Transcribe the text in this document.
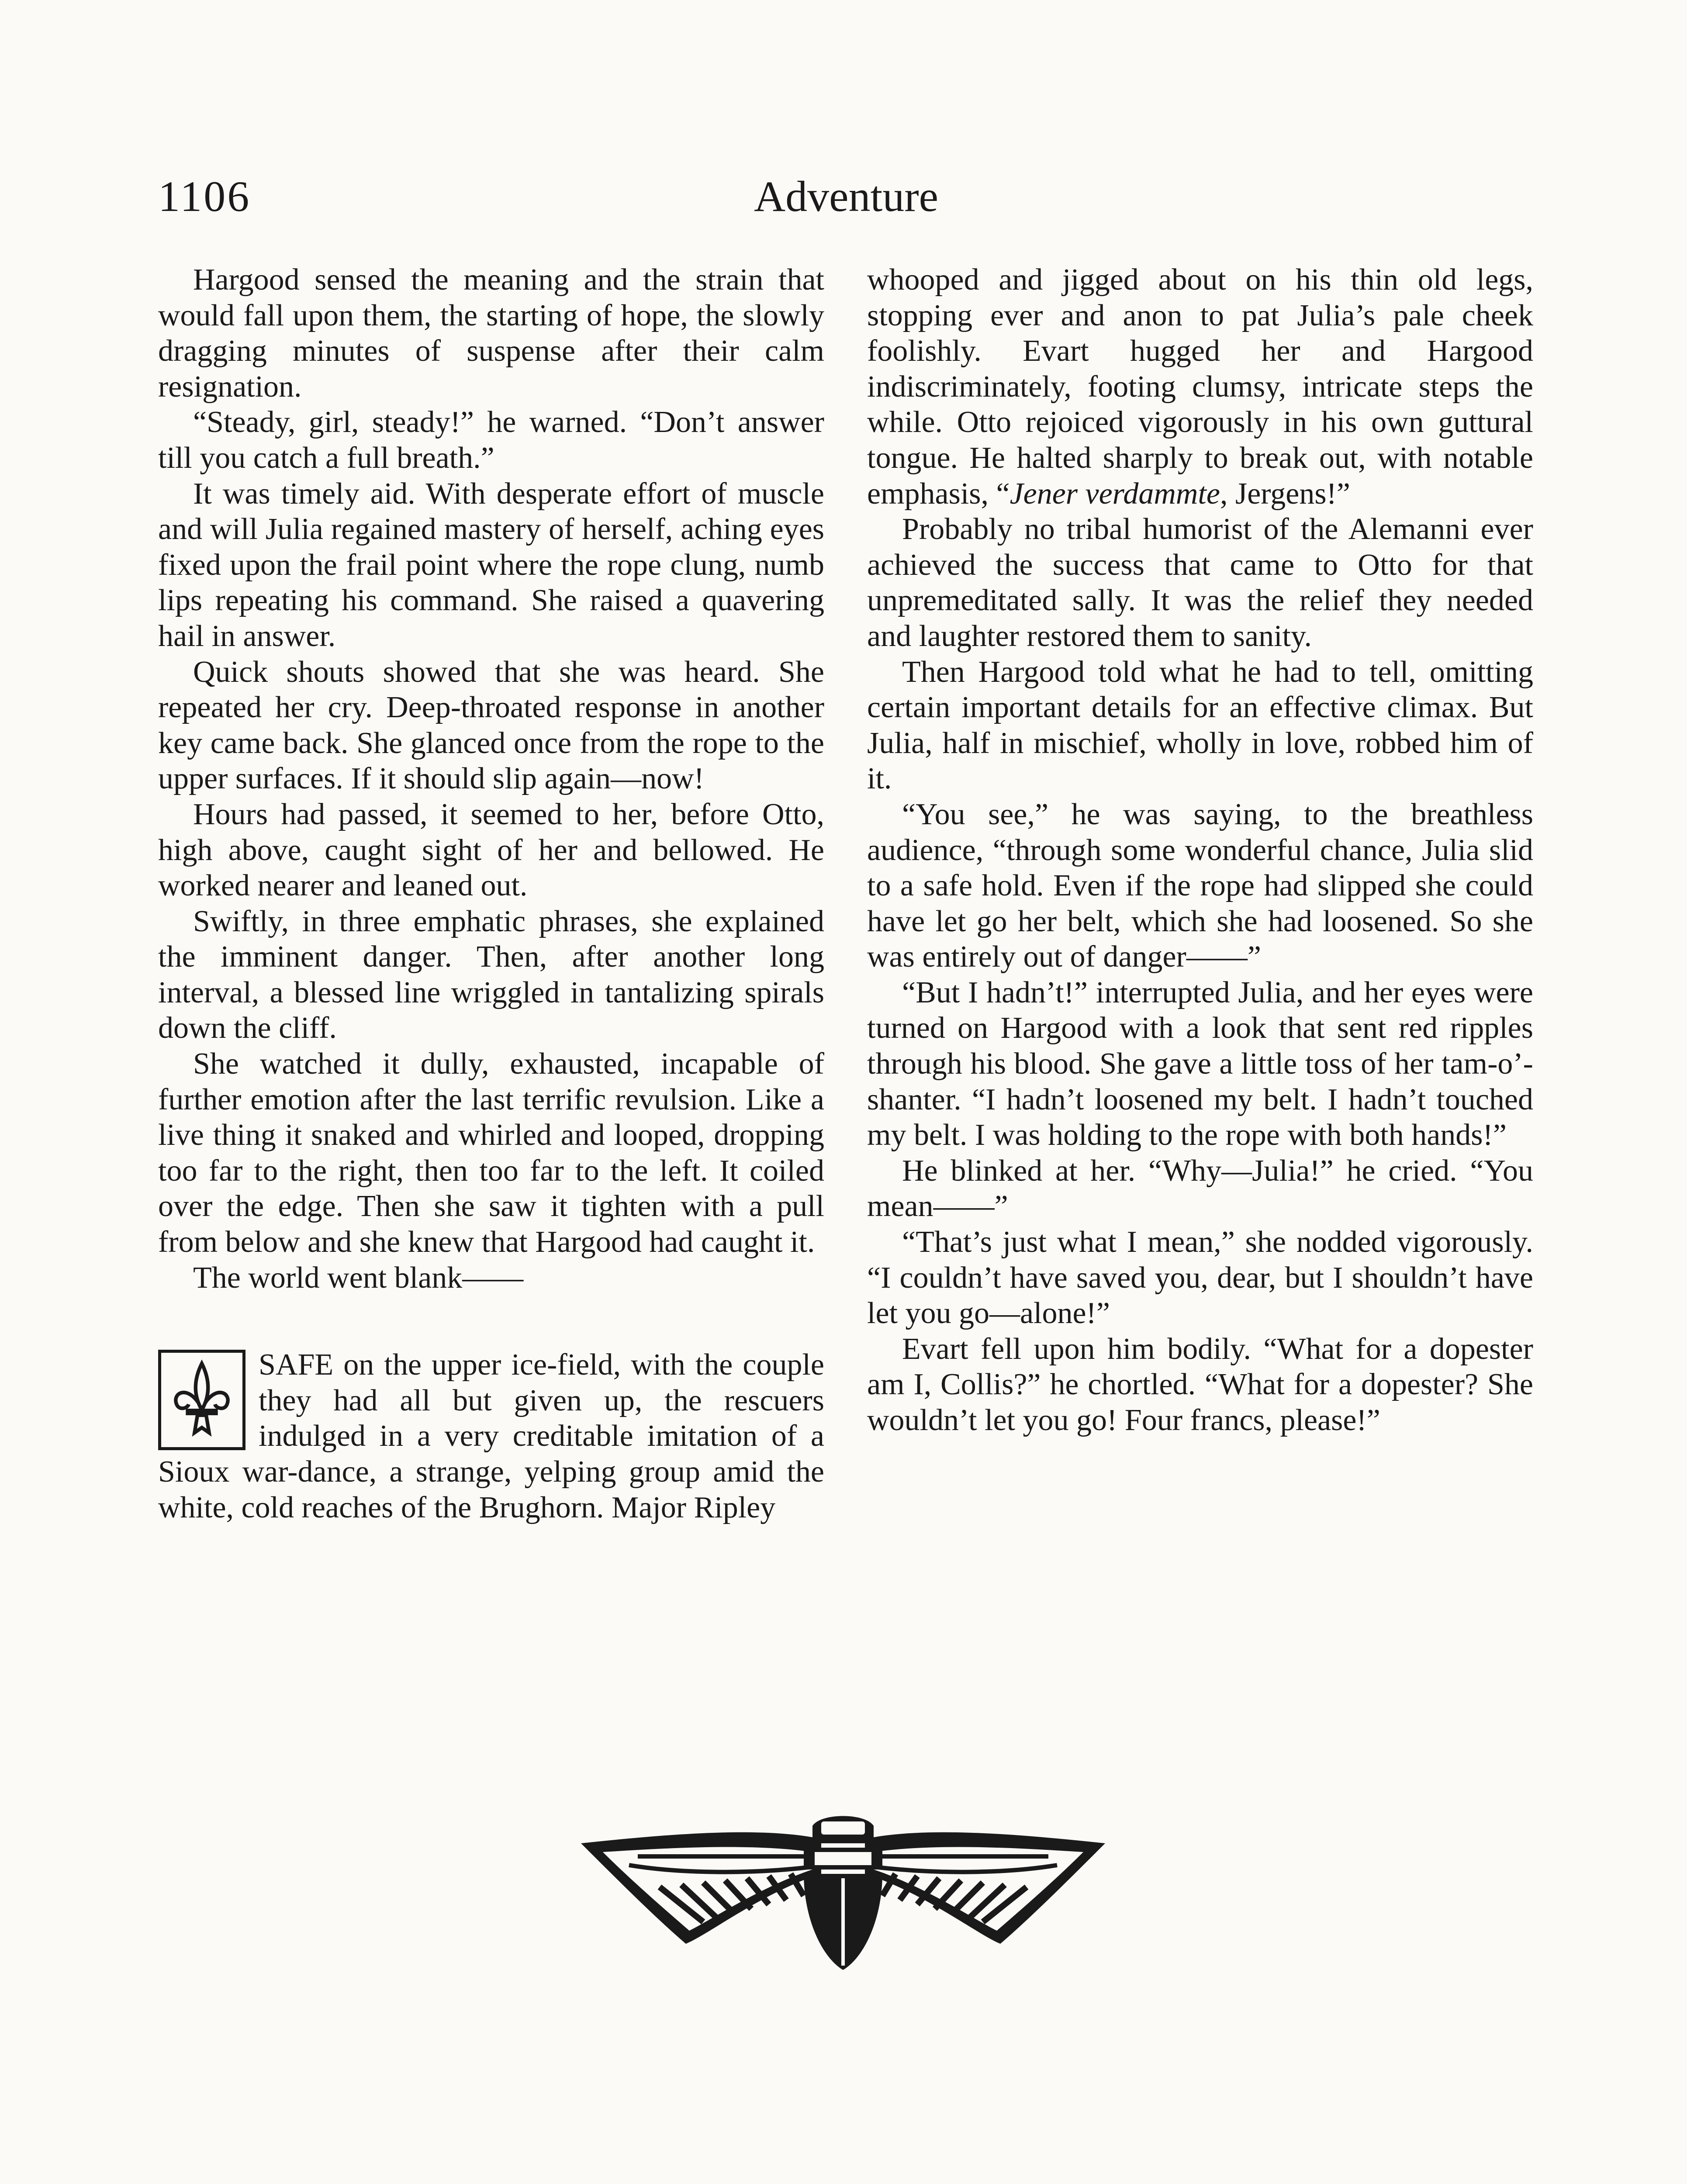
1106	Adventure

Hargood sensed the meaning and the strain that would fall upon them, the starting of hope, the slowly dragging minutes of suspense after their calm resignation.

“Steady, girl, steady!” he warned. “Don’t answer till you catch a full breath.”

It was timely aid. With desperate effort of muscle and will Julia regained mastery of herself, aching eyes fixed upon the frail point where the rope clung, numb lips repeating his command. She raised a quavering hail in answer.

Quick shouts showed that she was heard. She repeated her cry. Deep-throated response in another key came back. She glanced once from the rope to the upper surfaces. If it should slip again—now!

Hours had passed, it seemed to her, before Otto, high above, caught sight of her and bellowed. He worked nearer and leaned out.

Swiftly, in three emphatic phrases, she explained the imminent danger. Then, after another long interval, a blessed line wriggled in tantalizing spirals down the cliff.

She watched it dully, exhausted, incapable of further emotion after the last terrific revulsion. Like a live thing it snaked and whirled and looped, dropping too far to the right, then too far to the left. It coiled over the edge. Then she saw it tighten with a pull from below and she knew that Hargood had caught it.

The world went blank——

SAFE on the upper ice-field, with the couple they had all but given up, the rescuers indulged in a very creditable imitation of a Sioux war-dance, a strange, yelping group amid the white, cold reaches of the Brughorn. Major Ripley

whooped and jigged about on his thin old legs, stopping ever and anon to pat Julia’s pale cheek foolishly. Evart hugged her and Hargood indiscriminately, footing clumsy, intricate steps the while. Otto rejoiced vigorously in his own guttural tongue. He halted sharply to break out, with notable emphasis, “Jener verdammte, Jergens!”

Probably no tribal humorist of the Alemanni ever achieved the success that came to Otto for that unpremeditated sally. It was the relief they needed and laughter restored them to sanity.

Then Hargood told what he had to tell, omitting certain important details for an effective climax. But Julia, half in mischief, wholly in love, robbed him of it.

“You see,” he was saying, to the breathless audience, “through some wonderful chance, Julia slid to a safe hold. Even if the rope had slipped she could have let go her belt, which she had loosened. So she was entirely out of danger——”

“But I hadn’t!” interrupted Julia, and her eyes were turned on Hargood with a look that sent red ripples through his blood. She gave a little toss of her tam-o’-shanter. “I hadn’t loosened my belt. I hadn’t touched my belt. I was holding to the rope with both hands!”

He blinked at her. “Why—Julia!” he cried. “You mean——”

“That’s just what I mean,” she nodded vigorously. “I couldn’t have saved you, dear, but I shouldn’t have let you go—alone!”

Evart fell upon him bodily. “What for a dopester am I, Collis?” he chortled. “What for a dopester? She wouldn’t let you go! Four francs, please!”
